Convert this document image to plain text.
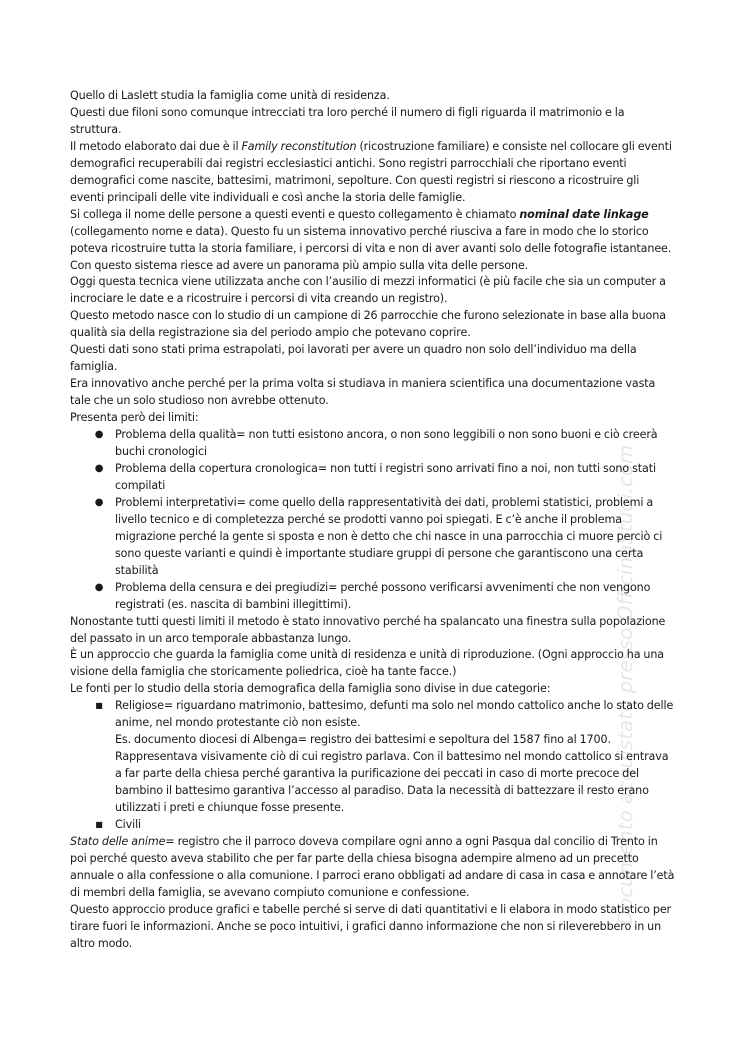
Documento acquistato presso OfficinaStudi.com

Quello di Laslett studia la famiglia come unità di residenza.

Questi due filoni sono comunque intrecciati tra loro perché il numero di figli riguarda il matrimonio e la struttura.

Il metodo elaborato dai due è il Family reconstitution (ricostruzione familiare) e consiste nel collocare gli eventi demografici recuperabili dai registri ecclesiastici antichi. Sono registri parrocchiali che riportano eventi demografici come nascite, battesimi, matrimoni, sepolture. Con questi registri si riescono a ricostruire gli eventi principali delle vite individuali e così anche la storia delle famiglie.

Si collega il nome delle persone a questi eventi e questo collegamento è chiamato nominal date linkage (collegamento nome e data). Questo fu un sistema innovativo perché riusciva a fare in modo che lo storico poteva ricostruire tutta la storia familiare, i percorsi di vita e non di aver avanti solo delle fotografie istantanee.

Con questo sistema riesce ad avere un panorama più ampio sulla vita delle persone.

Oggi questa tecnica viene utilizzata anche con l’ausilio di mezzi informatici (è più facile che sia un computer a incrociare le date e a ricostruire i percorsi di vita creando un registro).

Questo metodo nasce con lo studio di un campione di 26 parrocchie che furono selezionate in base alla buona qualità sia della registrazione sia del periodo ampio che potevano coprire.

Questi dati sono stati prima estrapolati, poi lavorati per avere un quadro non solo dell’individuo ma della famiglia.

Era innovativo anche perché per la prima volta si studiava in maniera scientifica una documentazione vasta tale che un solo studioso non avrebbe ottenuto.

Presenta però dei limiti:

● Problema della qualità= non tutti esistono ancora, o non sono leggibili o non sono buoni e ciò creerà buchi cronologici
● Problema della copertura cronologica= non tutti i registri sono arrivati fino a noi, non tutti sono stati compilati
● Problemi interpretativi= come quello della rappresentatività dei dati, problemi statistici, problemi a livello tecnico e di completezza perché se prodotti vanno poi spiegati. E c’è anche il problema migrazione perché la gente si sposta e non è detto che chi nasce in una parrocchia ci muore perciò ci sono queste varianti e quindi è importante studiare gruppi di persone che garantiscono una certa stabilità
● Problema della censura e dei pregiudizi= perché possono verificarsi avvenimenti che non vengono registrati (es. nascita di bambini illegittimi).

Nonostante tutti questi limiti il metodo è stato innovativo perché ha spalancato una finestra sulla popolazione del passato in un arco temporale abbastanza lungo.

È un approccio che guarda la famiglia come unità di residenza e unità di riproduzione. (Ogni approccio ha una visione della famiglia che storicamente poliedrica, cioè ha tante facce.)

Le fonti per lo studio della storia demografica della famiglia sono divise in due categorie:

■ Religiose= riguardano matrimonio, battesimo, defunti ma solo nel mondo cattolico anche lo stato delle anime, nel mondo protestante ciò non esiste.
Es. documento diocesi di Albenga= registro dei battesimi e sepoltura del 1587 fino al 1700. Rappresentava visivamente ciò di cui registro parlava. Con il battesimo nel mondo cattolico si entrava a far parte della chiesa perché garantiva la purificazione dei peccati in caso di morte precoce del bambino il battesimo garantiva l’accesso al paradiso. Data la necessità di battezzare il resto erano utilizzati i preti e chiunque fosse presente.
■ Civili

Stato delle anime= registro che il parroco doveva compilare ogni anno a ogni Pasqua dal concilio di Trento in poi perché questo aveva stabilito che per far parte della chiesa bisogna adempire almeno ad un precetto annuale o alla confessione o alla comunione. I parroci erano obbligati ad andare di casa in casa e annotare l’età di membri della famiglia, se avevano compiuto comunione e confessione.

Questo approccio produce grafici e tabelle perché si serve di dati quantitativi e li elabora in modo statistico per tirare fuori le informazioni. Anche se poco intuitivi, i grafici danno informazione che non si rileverebbero in un altro modo.
